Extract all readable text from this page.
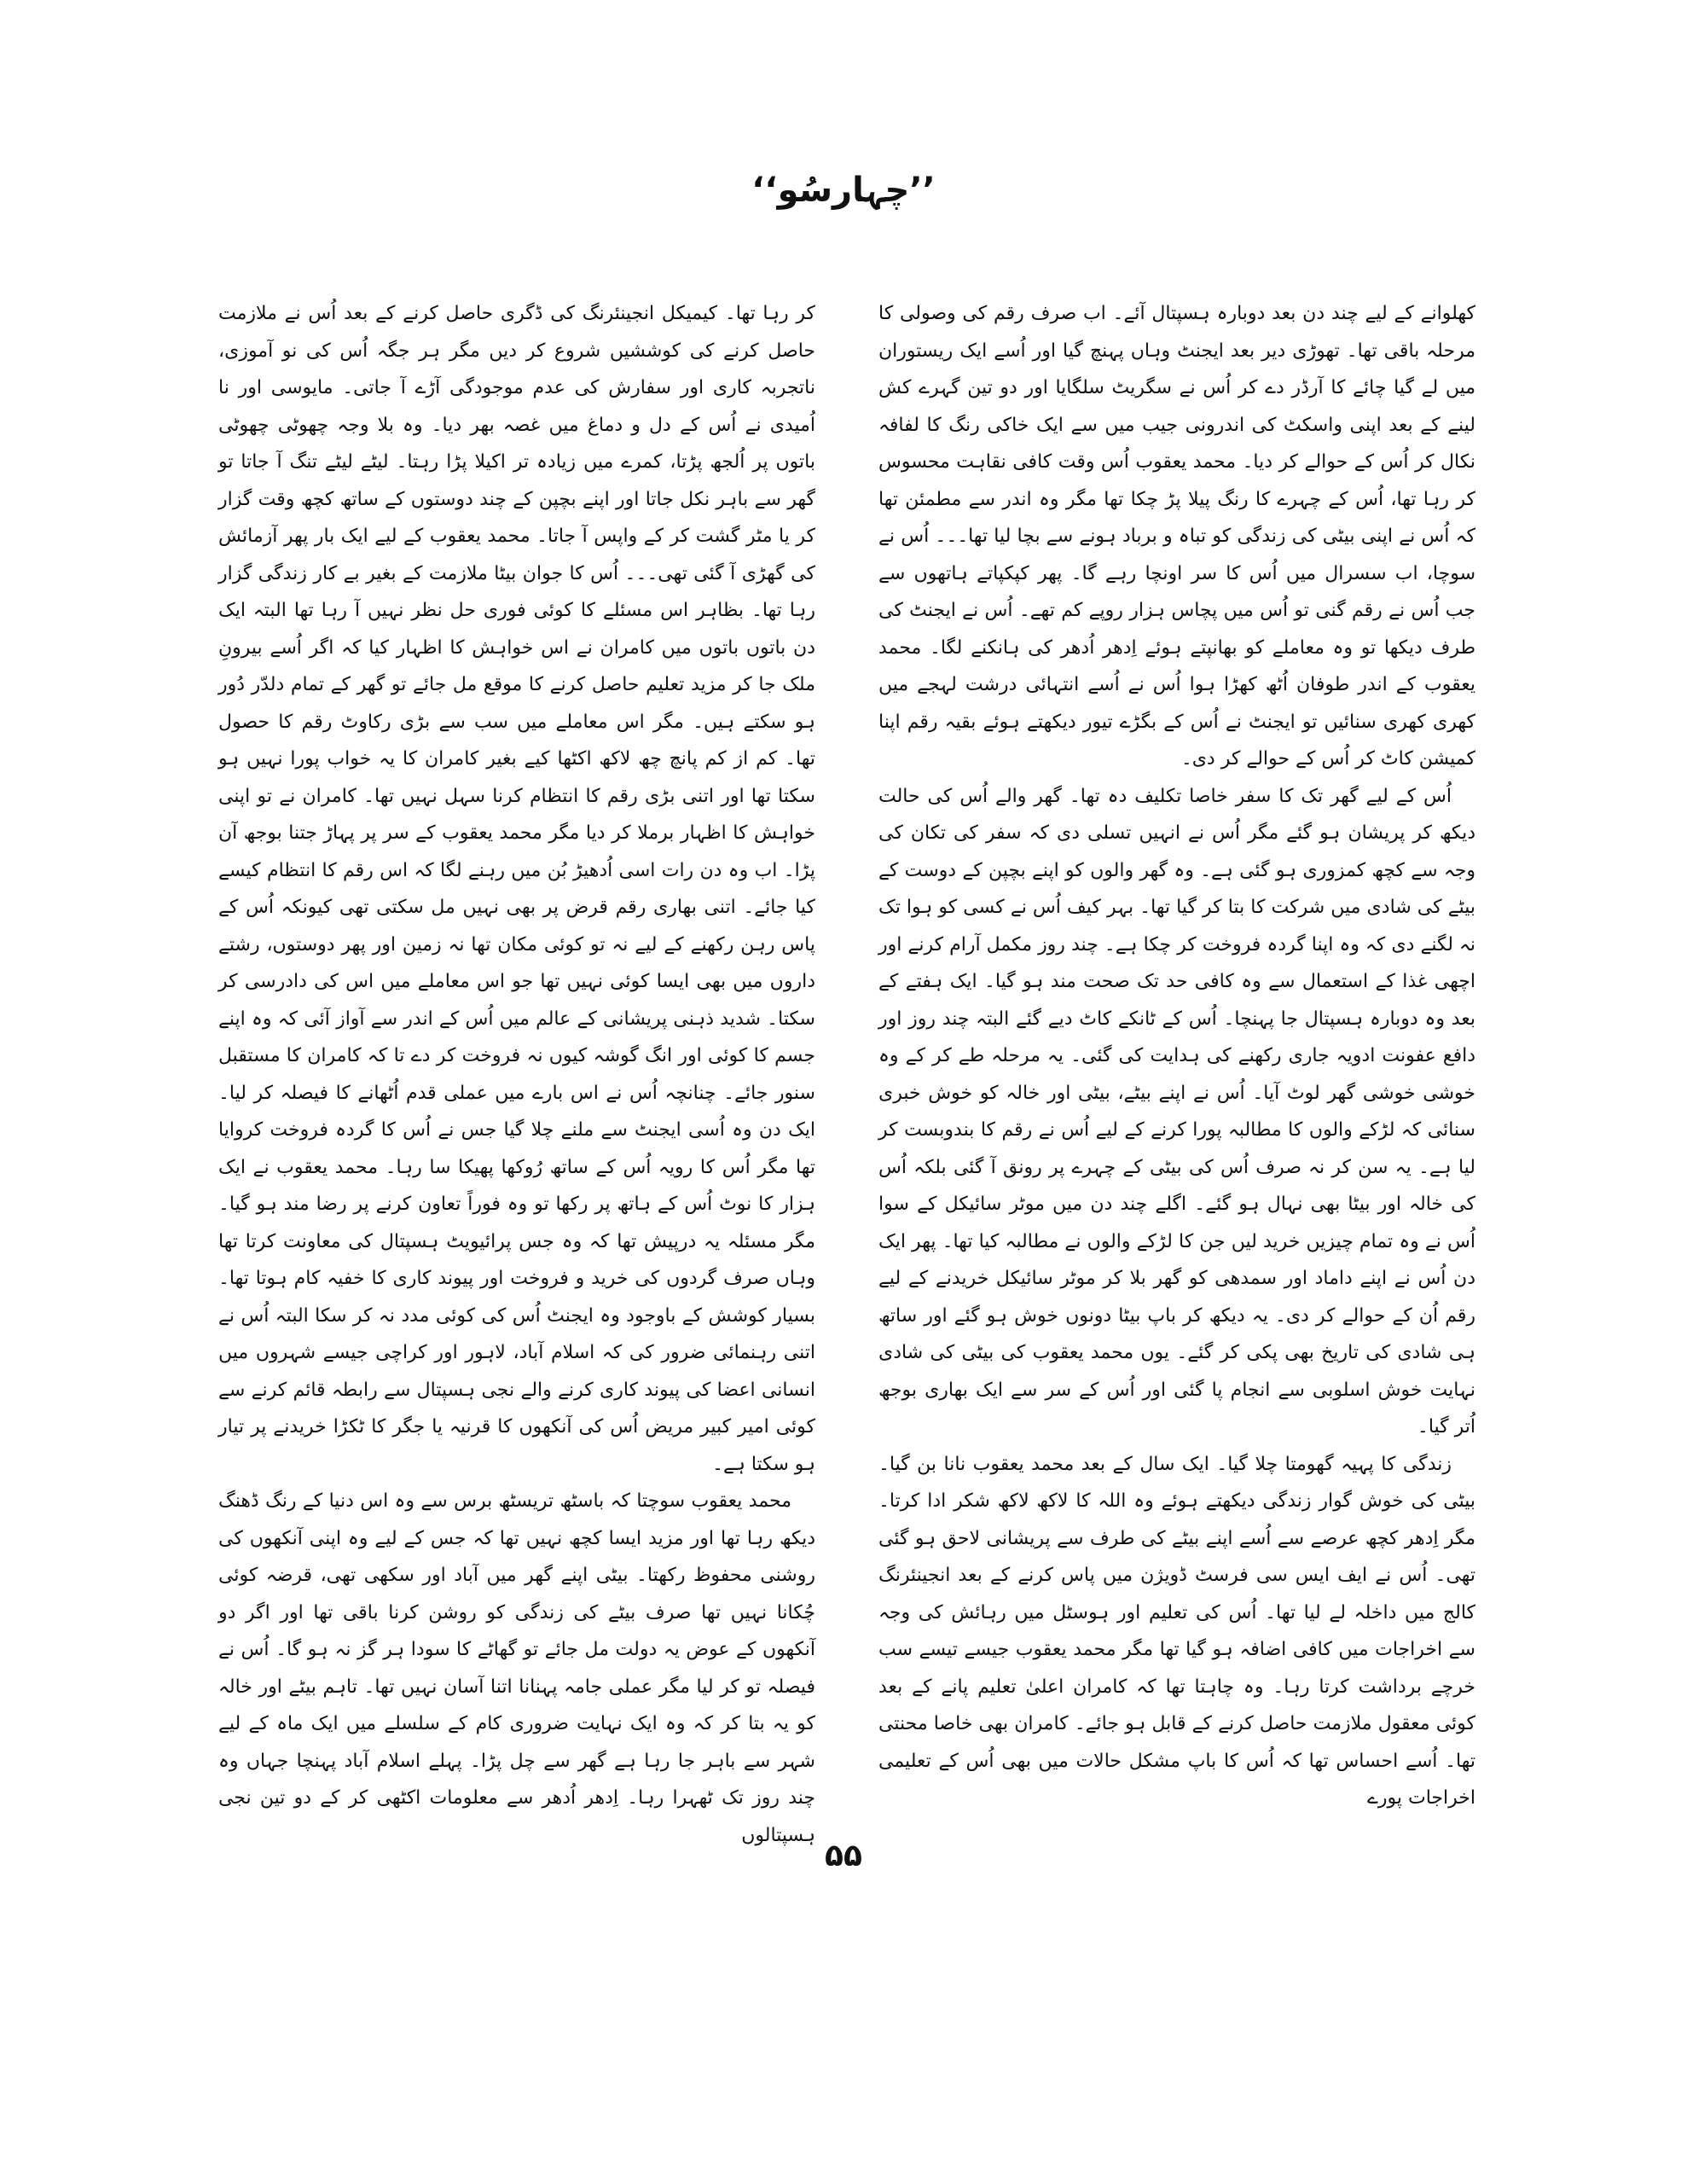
’’چہارسُو‘‘

کھلوانے کے لیے چند دن بعد دوبارہ ہسپتال آئے۔ اب صرف رقم کی وصولی کا مرحلہ باقی تھا۔ تھوڑی دیر بعد ایجنٹ وہاں پہنچ گیا اور اُسے ایک ریستوران میں لے گیا چائے کا آرڈر دے کر اُس نے سگریٹ سلگایا اور دو تین گہرے کش لینے کے بعد اپنی واسکٹ کی اندرونی جیب میں سے ایک خاکی رنگ کا لفافہ نکال کر اُس کے حوالے کر دیا۔ محمد یعقوب اُس وقت کافی نقاہت محسوس کر رہا تھا، اُس کے چہرے کا رنگ پیلا پڑ چکا تھا مگر وہ اندر سے مطمئن تھا کہ اُس نے اپنی بیٹی کی زندگی کو تباہ و برباد ہونے سے بچا لیا تھا۔۔۔ اُس نے سوچا، اب سسرال میں اُس کا سر اونچا رہے گا۔ پھر کپکپاتے ہاتھوں سے جب اُس نے رقم گنی تو اُس میں پچاس ہزار روپے کم تھے۔ اُس نے ایجنٹ کی طرف دیکھا تو وہ معاملے کو بھانپتے ہوئے اِدھر اُدھر کی ہانکنے لگا۔ محمد یعقوب کے اندر طوفان اُٹھ کھڑا ہوا اُس نے اُسے انتہائی درشت لہجے میں کھری کھری سنائیں تو ایجنٹ نے اُس کے بگڑے تیور دیکھتے ہوئے بقیہ رقم اپنا کمیشن کاٹ کر اُس کے حوالے کر دی۔

اُس کے لیے گھر تک کا سفر خاصا تکلیف دہ تھا۔ گھر والے اُس کی حالت دیکھ کر پریشان ہو گئے مگر اُس نے انہیں تسلی دی کہ سفر کی تکان کی وجہ سے کچھ کمزوری ہو گئی ہے۔ وہ گھر والوں کو اپنے بچپن کے دوست کے بیٹے کی شادی میں شرکت کا بتا کر گیا تھا۔ بہر کیف اُس نے کسی کو ہوا تک نہ لگنے دی کہ وہ اپنا گردہ فروخت کر چکا ہے۔ چند روز مکمل آرام کرنے اور اچھی غذا کے استعمال سے وہ کافی حد تک صحت مند ہو گیا۔ ایک ہفتے کے بعد وہ دوبارہ ہسپتال جا پہنچا۔ اُس کے ٹانکے کاٹ دیے گئے البتہ چند روز اور دافع عفونت ادویہ جاری رکھنے کی ہدایت کی گئی۔ یہ مرحلہ طے کر کے وہ خوشی خوشی گھر لوٹ آیا۔ اُس نے اپنے بیٹے، بیٹی اور خالہ کو خوش خبری سنائی کہ لڑکے والوں کا مطالبہ پورا کرنے کے لیے اُس نے رقم کا بندوبست کر لیا ہے۔ یہ سن کر نہ صرف اُس کی بیٹی کے چہرے پر رونق آ گئی بلکہ اُس کی خالہ اور بیٹا بھی نہال ہو گئے۔ اگلے چند دن میں موٹر سائیکل کے سوا اُس نے وہ تمام چیزیں خرید لیں جن کا لڑکے والوں نے مطالبہ کیا تھا۔ پھر ایک دن اُس نے اپنے داماد اور سمدھی کو گھر بلا کر موٹر سائیکل خریدنے کے لیے رقم اُن کے حوالے کر دی۔ یہ دیکھ کر باپ بیٹا دونوں خوش ہو گئے اور ساتھ ہی شادی کی تاریخ بھی پکی کر گئے۔ یوں محمد یعقوب کی بیٹی کی شادی نہایت خوش اسلوبی سے انجام پا گئی اور اُس کے سر سے ایک بھاری بوجھ اُتر گیا۔

زندگی کا پہیہ گھومتا چلا گیا۔ ایک سال کے بعد محمد یعقوب نانا بن گیا۔ بیٹی کی خوش گوار زندگی دیکھتے ہوئے وہ اللہ کا لاکھ لاکھ شکر ادا کرتا۔ مگر اِدھر کچھ عرصے سے اُسے اپنے بیٹے کی طرف سے پریشانی لاحق ہو گئی تھی۔ اُس نے ایف ایس سی فرسٹ ڈویژن میں پاس کرنے کے بعد انجینئرنگ کالج میں داخلہ لے لیا تھا۔ اُس کی تعلیم اور ہوسٹل میں رہائش کی وجہ سے اخراجات میں کافی اضافہ ہو گیا تھا مگر محمد یعقوب جیسے تیسے سب خرچے برداشت کرتا رہا۔ وہ چاہتا تھا کہ کامران اعلیٰ تعلیم پانے کے بعد کوئی معقول ملازمت حاصل کرنے کے قابل ہو جائے۔ کامران بھی خاصا محنتی تھا۔ اُسے احساس تھا کہ اُس کا باپ مشکل حالات میں بھی اُس کے تعلیمی اخراجات پورے

کر رہا تھا۔ کیمیکل انجینئرنگ کی ڈگری حاصل کرنے کے بعد اُس نے ملازمت حاصل کرنے کی کوششیں شروع کر دیں مگر ہر جگہ اُس کی نو آموزی، ناتجربہ کاری اور سفارش کی عدم موجودگی آڑے آ جاتی۔ مایوسی اور نا اُمیدی نے اُس کے دل و دماغ میں غصہ بھر دیا۔ وہ بلا وجہ چھوٹی چھوٹی باتوں پر اُلجھ پڑتا، کمرے میں زیادہ تر اکیلا پڑا رہتا۔ لیٹے لیٹے تنگ آ جاتا تو گھر سے باہر نکل جاتا اور اپنے بچپن کے چند دوستوں کے ساتھ کچھ وقت گزار کر یا مٹر گشت کر کے واپس آ جاتا۔ محمد یعقوب کے لیے ایک بار پھر آزمائش کی گھڑی آ گئی تھی۔۔۔ اُس کا جوان بیٹا ملازمت کے بغیر بے کار زندگی گزار رہا تھا۔ بظاہر اس مسئلے کا کوئی فوری حل نظر نہیں آ رہا تھا البتہ ایک دن باتوں باتوں میں کامران نے اس خواہش کا اظہار کیا کہ اگر اُسے بیرونِ ملک جا کر مزید تعلیم حاصل کرنے کا موقع مل جائے تو گھر کے تمام دلدّر دُور ہو سکتے ہیں۔ مگر اس معاملے میں سب سے بڑی رکاوٹ رقم کا حصول تھا۔ کم از کم پانچ چھ لاکھ اکٹھا کیے بغیر کامران کا یہ خواب پورا نہیں ہو سکتا تھا اور اتنی بڑی رقم کا انتظام کرنا سہل نہیں تھا۔ کامران نے تو اپنی خواہش کا اظہار برملا کر دیا مگر محمد یعقوب کے سر پر پہاڑ جتنا بوجھ آن پڑا۔ اب وہ دن رات اسی اُدھیڑ بُن میں رہنے لگا کہ اس رقم کا انتظام کیسے کیا جائے۔ اتنی بھاری رقم قرض پر بھی نہیں مل سکتی تھی کیونکہ اُس کے پاس رہن رکھنے کے لیے نہ تو کوئی مکان تھا نہ زمین اور پھر دوستوں، رشتے داروں میں بھی ایسا کوئی نہیں تھا جو اس معاملے میں اس کی دادرسی کر سکتا۔ شدید ذہنی پریشانی کے عالم میں اُس کے اندر سے آواز آئی کہ وہ اپنے جسم کا کوئی اور انگ گوشہ کیوں نہ فروخت کر دے تا کہ کامران کا مستقبل سنور جائے۔ چنانچہ اُس نے اس بارے میں عملی قدم اُٹھانے کا فیصلہ کر لیا۔ ایک دن وہ اُسی ایجنٹ سے ملنے چلا گیا جس نے اُس کا گردہ فروخت کروایا تھا مگر اُس کا رویہ اُس کے ساتھ رُوکھا پھیکا سا رہا۔ محمد یعقوب نے ایک ہزار کا نوٹ اُس کے ہاتھ پر رکھا تو وہ فوراً تعاون کرنے پر رضا مند ہو گیا۔ مگر مسئلہ یہ درپیش تھا کہ وہ جس پرائیویٹ ہسپتال کی معاونت کرتا تھا وہاں صرف گردوں کی خرید و فروخت اور پیوند کاری کا خفیہ کام ہوتا تھا۔ بسیار کوشش کے باوجود وہ ایجنٹ اُس کی کوئی مدد نہ کر سکا البتہ اُس نے اتنی رہنمائی ضرور کی کہ اسلام آباد، لاہور اور کراچی جیسے شہروں میں انسانی اعضا کی پیوند کاری کرنے والے نجی ہسپتال سے رابطہ قائم کرنے سے کوئی امیر کبیر مریض اُس کی آنکھوں کا قرنیہ یا جگر کا ٹکڑا خریدنے پر تیار ہو سکتا ہے۔

محمد یعقوب سوچتا کہ باسٹھ تریسٹھ برس سے وہ اس دنیا کے رنگ ڈھنگ دیکھ رہا تھا اور مزید ایسا کچھ نہیں تھا کہ جس کے لیے وہ اپنی آنکھوں کی روشنی محفوظ رکھتا۔ بیٹی اپنے گھر میں آباد اور سکھی تھی، قرضہ کوئی چُکانا نہیں تھا صرف بیٹے کی زندگی کو روشن کرنا باقی تھا اور اگر دو آنکھوں کے عوض یہ دولت مل جائے تو گھاٹے کا سودا ہر گز نہ ہو گا۔ اُس نے فیصلہ تو کر لیا مگر عملی جامہ پہنانا اتنا آسان نہیں تھا۔ تاہم بیٹے اور خالہ کو یہ بتا کر کہ وہ ایک نہایت ضروری کام کے سلسلے میں ایک ماہ کے لیے شہر سے باہر جا رہا ہے گھر سے چل پڑا۔ پہلے اسلام آباد پہنچا جہاں وہ چند روز تک ٹھہرا رہا۔ اِدھر اُدھر سے معلومات اکٹھی کر کے دو تین نجی ہسپتالوں

۵۵
